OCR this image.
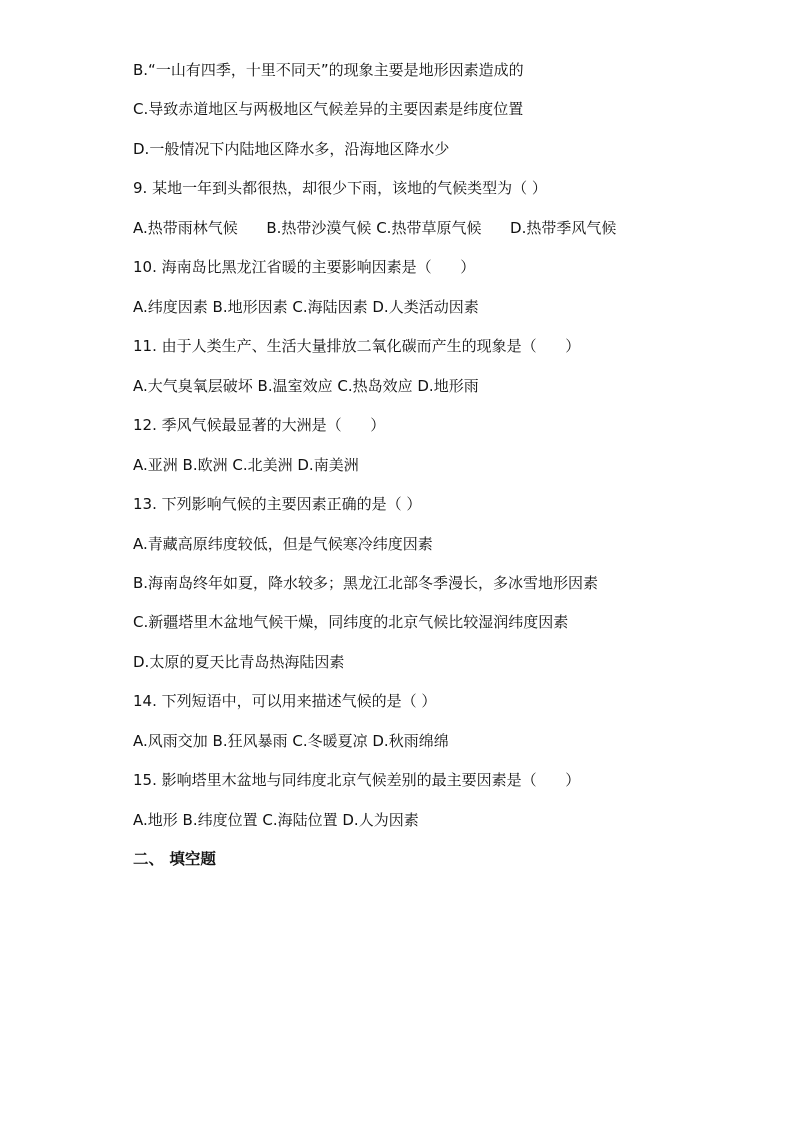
B.“一山有四季，十里不同天”的现象主要是地形因素造成的
C.导致赤道地区与两极地区气候差异的主要因素是纬度位置
D.一般情况下内陆地区降水多，沿海地区降水少
9. 某地一年到头都很热，却很少下雨，该地的气候类型为（ ）
A.热带雨林气候      B.热带沙漠气候 C.热带草原气候      D.热带季风气候
10. 海南岛比黑龙江省暖的主要影响因素是（      ）
A.纬度因素 B.地形因素 C.海陆因素 D.人类活动因素
11. 由于人类生产、生活大量排放二氧化碳而产生的现象是（      ）
A.大气臭氧层破坏 B.温室效应 C.热岛效应 D.地形雨
12. 季风气候最显著的大洲是（      ）
A.亚洲 B.欧洲 C.北美洲 D.南美洲
13. 下列影响气候的主要因素正确的是（ ）
A.青藏高原纬度较低，但是气候寒冷纬度因素
B.海南岛终年如夏，降水较多；黑龙江北部冬季漫长，多冰雪地形因素
C.新疆塔里木盆地气候干燥，同纬度的北京气候比较湿润纬度因素
D.太原的夏天比青岛热海陆因素
14. 下列短语中，可以用来描述气候的是（ ）
A.风雨交加 B.狂风暴雨 C.冬暖夏凉 D.秋雨绵绵
15. 影响塔里木盆地与同纬度北京气候差别的最主要因素是（      ）
A.地形 B.纬度位置 C.海陆位置 D.人为因素
二、 填空题
